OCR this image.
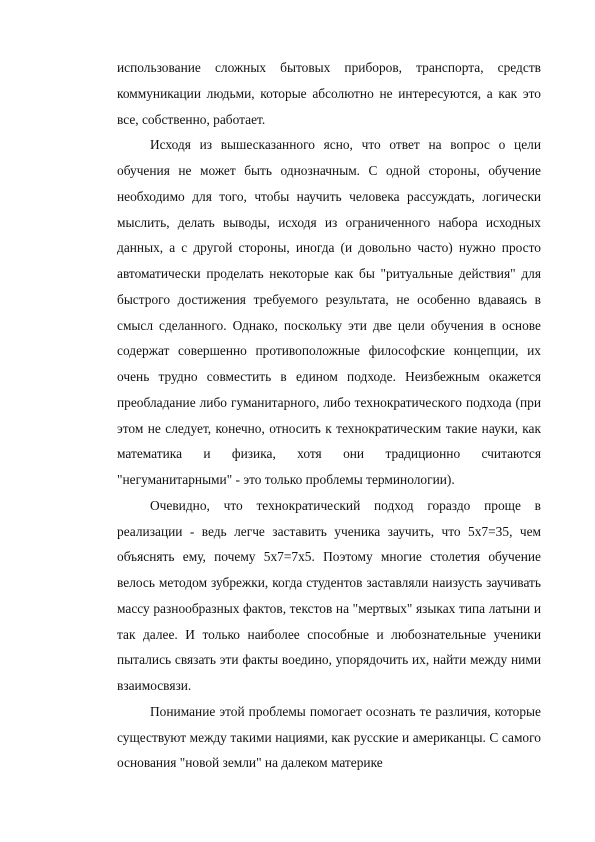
использование сложных бытовых приборов, транспорта, средств коммуникации людьми, которые абсолютно не интересуются, а как это все, собственно, работает.

Исходя из вышесказанного ясно, что ответ на вопрос о цели обучения не может быть однозначным. С одной стороны, обучение необходимо для того, чтобы научить человека рассуждать, логически мыслить, делать выводы, исходя из ограниченного набора исходных данных, а с другой стороны, иногда (и довольно часто) нужно просто автоматически проделать некоторые как бы "ритуальные действия" для быстрого достижения требуемого результата, не особенно вдаваясь в смысл сделанного. Однако, поскольку эти две цели обучения в основе содержат совершенно противоположные философские концепции, их очень трудно совместить в едином подходе. Неизбежным окажется преобладание либо гуманитарного, либо технократического подхода (при этом не следует, конечно, относить к технократическим такие науки, как математика и физика, хотя они традиционно считаются "негуманитарными" - это только проблемы терминологии).

Очевидно, что технократический подход гораздо проще в реализации - ведь легче заставить ученика заучить, что 5x7=35, чем объяснять ему, почему 5x7=7x5. Поэтому многие столетия обучение велось методом зубрежки, когда студентов заставляли наизусть заучивать массу разнообразных фактов, текстов на "мертвых" языках типа латыни и так далее. И только наиболее способные и любознательные ученики пытались связать эти факты воедино, упорядочить их, найти между ними взаимосвязи.

Понимание этой проблемы помогает осознать те различия, которые существуют между такими нациями, как русские и американцы. С самого основания "новой земли" на далеком материке
